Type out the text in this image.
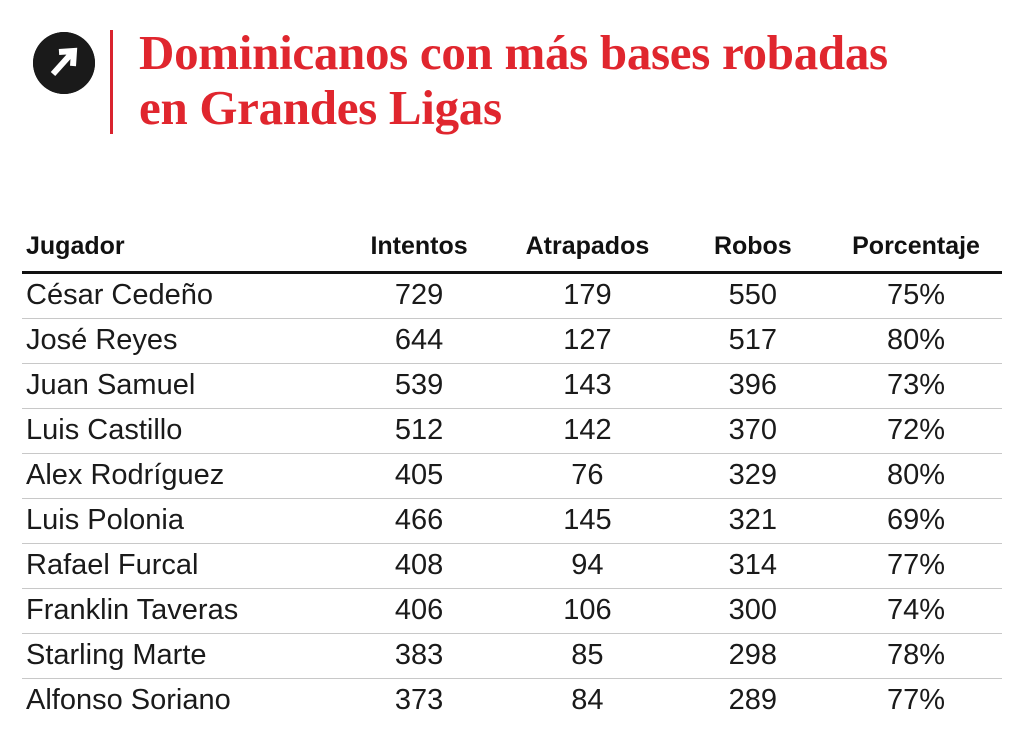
Dominicanos con más bases robadas en Grandes Ligas
Jugador	Intentos	Atrapados	Robos	Porcentaje
César Cedeño	729	179	550	75%
José Reyes	644	127	517	80%
Juan Samuel	539	143	396	73%
Luis Castillo	512	142	370	72%
Alex Rodríguez	405	76	329	80%
Luis Polonia	466	145	321	69%
Rafael Furcal	408	94	314	77%
Franklin Taveras	406	106	300	74%
Starling Marte	383	85	298	78%
Alfonso Soriano	373	84	289	77%
